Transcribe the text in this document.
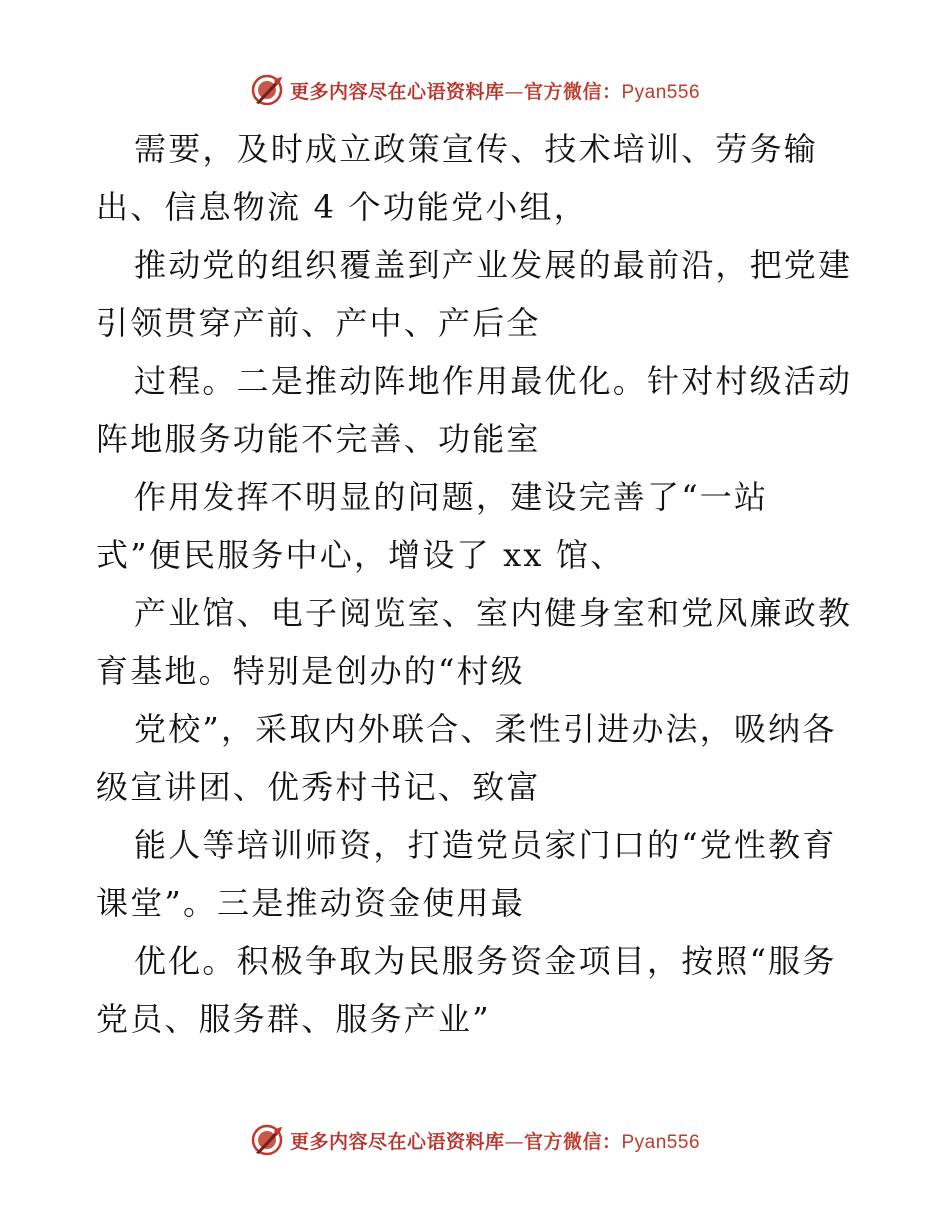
更多内容尽在心语资料库—官方微信：Pyan556

需要，及时成立政策宣传、技术培训、劳务输
出、信息物流 4 个功能党小组，

推动党的组织覆盖到产业发展的最前沿，把党建
引领贯穿产前、产中、产后全

过程。二是推动阵地作用最优化。针对村级活动
阵地服务功能不完善、功能室

作用发挥不明显的问题，建设完善了“一站
式”便民服务中心，增设了 xx 馆、

产业馆、电子阅览室、室内健身室和党风廉政教
育基地。特别是创办的“村级

党校”，采取内外联合、柔性引进办法，吸纳各
级宣讲团、优秀村书记、致富

能人等培训师资，打造党员家门口的“党性教育
课堂”。三是推动资金使用最

优化。积极争取为民服务资金项目，按照“服务
党员、服务群、服务产业”

更多内容尽在心语资料库—官方微信：Pyan556
